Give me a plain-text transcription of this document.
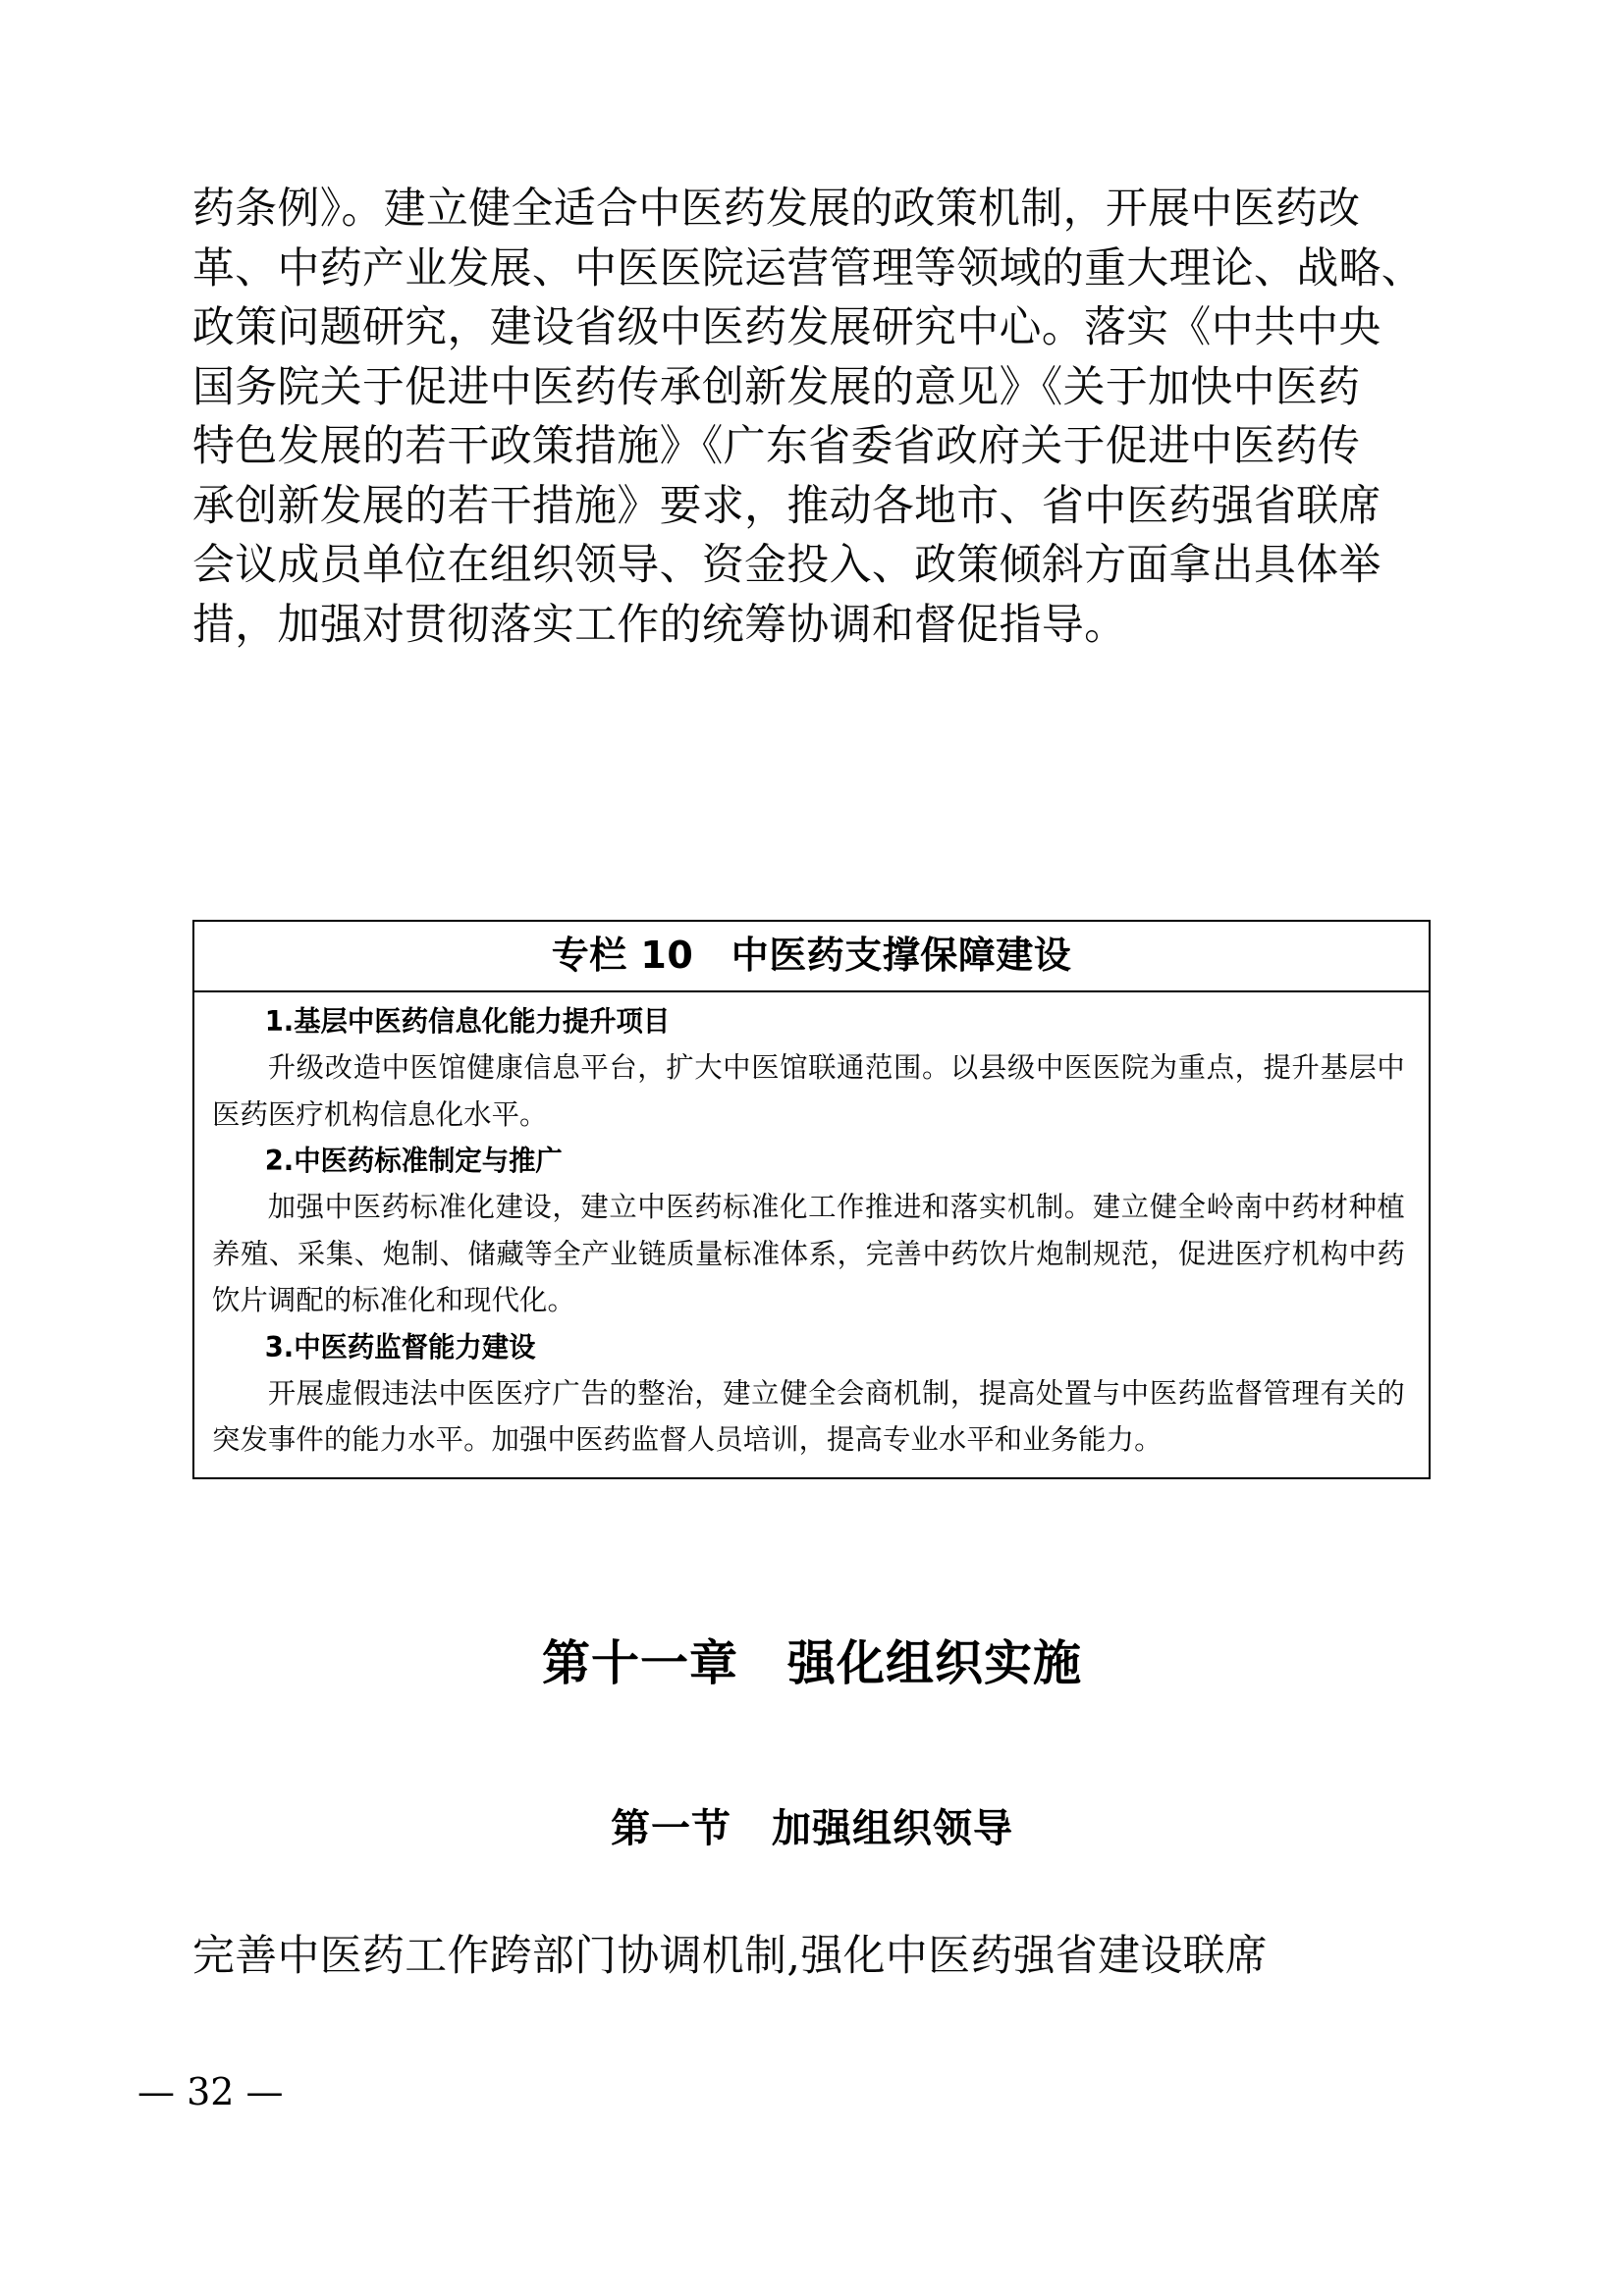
药条例》。建立健全适合中医药发展的政策机制，开展中医药改
革、中药产业发展、中医医院运营管理等领域的重大理论、战略、
政策问题研究，建设省级中医药发展研究中心。落实《中共中央
国务院关于促进中医药传承创新发展的意见》《关于加快中医药
特色发展的若干政策措施》《广东省委省政府关于促进中医药传
承创新发展的若干措施》要求，推动各地市、省中医药强省联席
会议成员单位在组织领导、资金投入、政策倾斜方面拿出具体举
措，加强对贯彻落实工作的统筹协调和督促指导。
专栏 10　中医药支撑保障建设
1.基层中医药信息化能力提升项目
升级改造中医馆健康信息平台，扩大中医馆联通范围。以县级中医医院为重点，提升基层中医药医疗机构信息化水平。
2.中医药标准制定与推广
加强中医药标准化建设，建立中医药标准化工作推进和落实机制。建立健全岭南中药材种植养殖、采集、炮制、储藏等全产业链质量标准体系，完善中药饮片炮制规范，促进医疗机构中药饮片调配的标准化和现代化。
3.中医药监督能力建设
开展虚假违法中医医疗广告的整治，建立健全会商机制，提高处置与中医药监督管理有关的突发事件的能力水平。加强中医药监督人员培训，提高专业水平和业务能力。
第十一章　强化组织实施
第一节　加强组织领导
完善中医药工作跨部门协调机制,强化中医药强省建设联席
— 32 —
